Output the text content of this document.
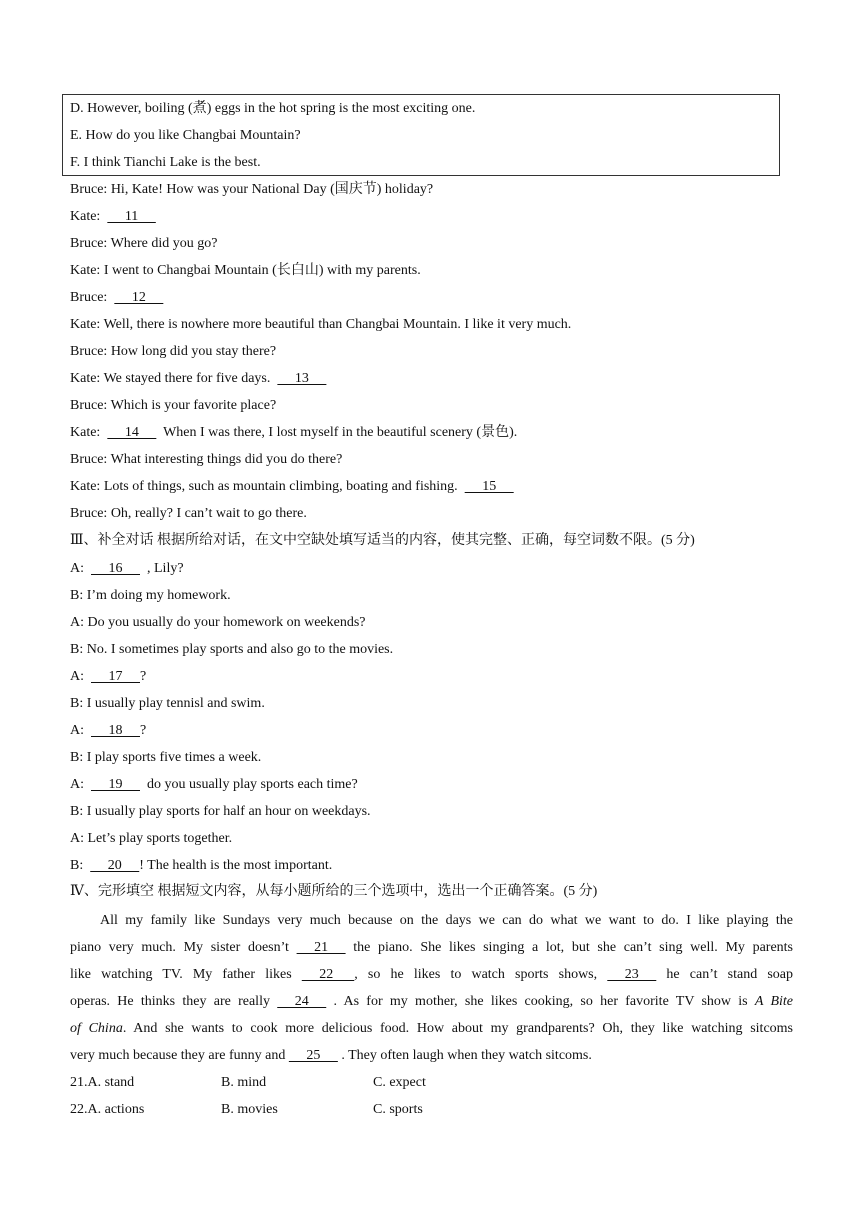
D. However, boiling (煮) eggs in the hot spring is the most exciting one.
E. How do you like Changbai Mountain?
F. I think Tianchi Lake is the best.
Bruce: Hi, Kate! How was your National Day (国庆节) holiday?
Kate:       11
Bruce: Where did you go?
Kate: I went to Changbai Mountain (长白山) with my parents.
Bruce:       12
Kate: Well, there is nowhere more beautiful than Changbai Mountain. I like it very much.
Bruce: How long did you stay there?
Kate: We stayed there for five days.       13
Bruce: Which is your favorite place?
Kate:       14       When I was there, I lost myself in the beautiful scenery (景色).
Bruce: What interesting things did you do there?
Kate: Lots of things, such as mountain climbing, boating and fishing.       15
Bruce: Oh, really? I can’t wait to go there.
Ⅲ、补全对话 根据所给对话，在文中空缺处填写适当的内容，使其完整、正确，每空词数不限。(5 分)
A:       16       , Lily?
B: I’m doing my homework.
A: Do you usually do your homework on weekends?
B: No. I sometimes play sports and also go to the movies.
A:       17     ?
B: I usually play tennisl and swim.
A:       18     ?
B: I play sports five times a week.
A:       19       do you usually play sports each time?
B: I usually play sports for half an hour on weekdays.
A: Let’s play sports together.
B:       20     ! The health is the most important.
Ⅳ、完形填空 根据短文内容，从每小题所给的三个选项中，选出一个正确答案。(5 分)
All my family like Sundays very much because on the days we can do what we want to do. I like playing the
piano very much. My sister doesn’t      21      the piano. She likes singing a lot, but she can’t sing well. My parents
like watching TV. My father likes      22      , so he likes to watch sports shows,      23      he can’t stand soap
operas. He thinks they are really      24      . As for my mother, she likes cooking, so her favorite TV show is A Bite
of China. And she wants to cook more delicious food. How about my grandparents? Oh, they like watching sitcoms
very much because they are funny and      25      . They often laugh when they watch sitcoms.
21.A. stand	B. mind	C. expect
22.A. actions	B. movies	C. sports
